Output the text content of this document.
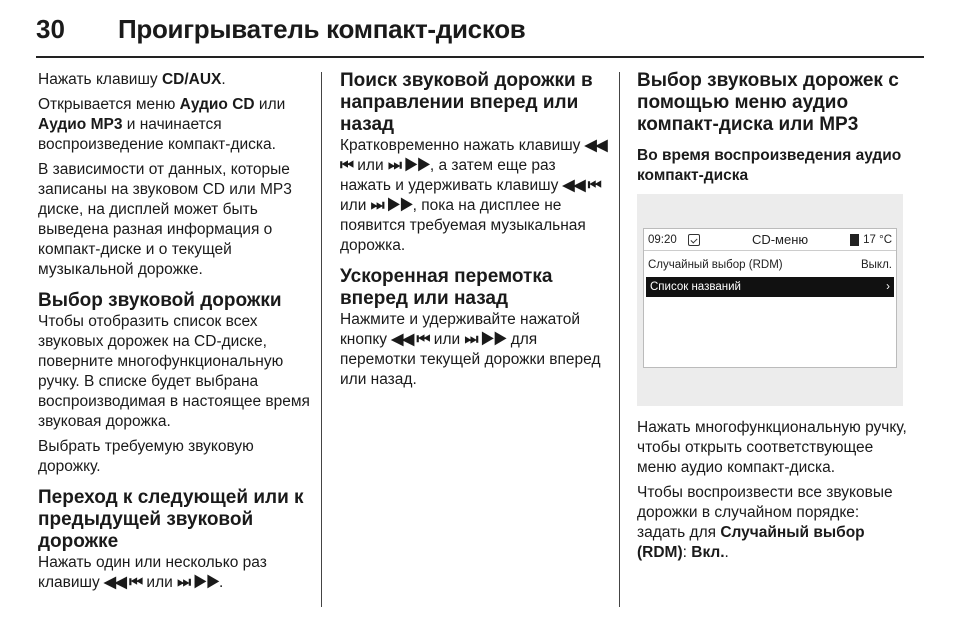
30	Проигрыватель компакт-дисков

Нажать клавишу CD/AUX.

Открывается меню Аудио CD или Аудио MP3 и начинается воспроизведение компакт-диска.

В зависимости от данных, которые записаны на звуковом CD или MP3 диске, на дисплей может быть выведена разная информация о компакт-диске и о текущей музыкальной дорожке.

Выбор звуковой дорожки

Чтобы отобразить список всех звуковых дорожек на CD-диске, поверните многофункциональную ручку. В списке будет выбрана воспроизводимая в настоящее время звуковая дорожка.

Выбрать требуемую звуковую дорожку.

Переход к следующей или к предыдущей звуковой дорожке

Нажать один или несколько раз клавишу ◀◀ ⏮ или ⏭ ▶▶.

Поиск звуковой дорожки в направлении вперед или назад

Кратковременно нажать клавишу ◀◀ ⏮ или ⏭ ▶▶, а затем еще раз нажать и удерживать клавишу ◀◀ ⏮ или ⏭ ▶▶, пока на дисплее не появится требуемая музыкальная дорожка.

Ускоренная перемотка вперед или назад

Нажмите и удерживайте нажатой кнопку ◀◀ ⏮ или ⏭ ▶▶ для перемотки текущей дорожки вперед или назад.

Выбор звуковых дорожек с помощью меню аудио компакт-диска или MP3
Во время воспроизведения аудио компакт-диска
09:20	CD-меню	17 °C
Случайный выбор (RDM)	Выкл.
Список названий	›

Нажать многофункциональную ручку, чтобы открыть соответствующее меню аудио компакт-диска.

Чтобы воспроизвести все звуковые дорожки в случайном порядке: задать для Случайный выбор (RDM): Вкл..
